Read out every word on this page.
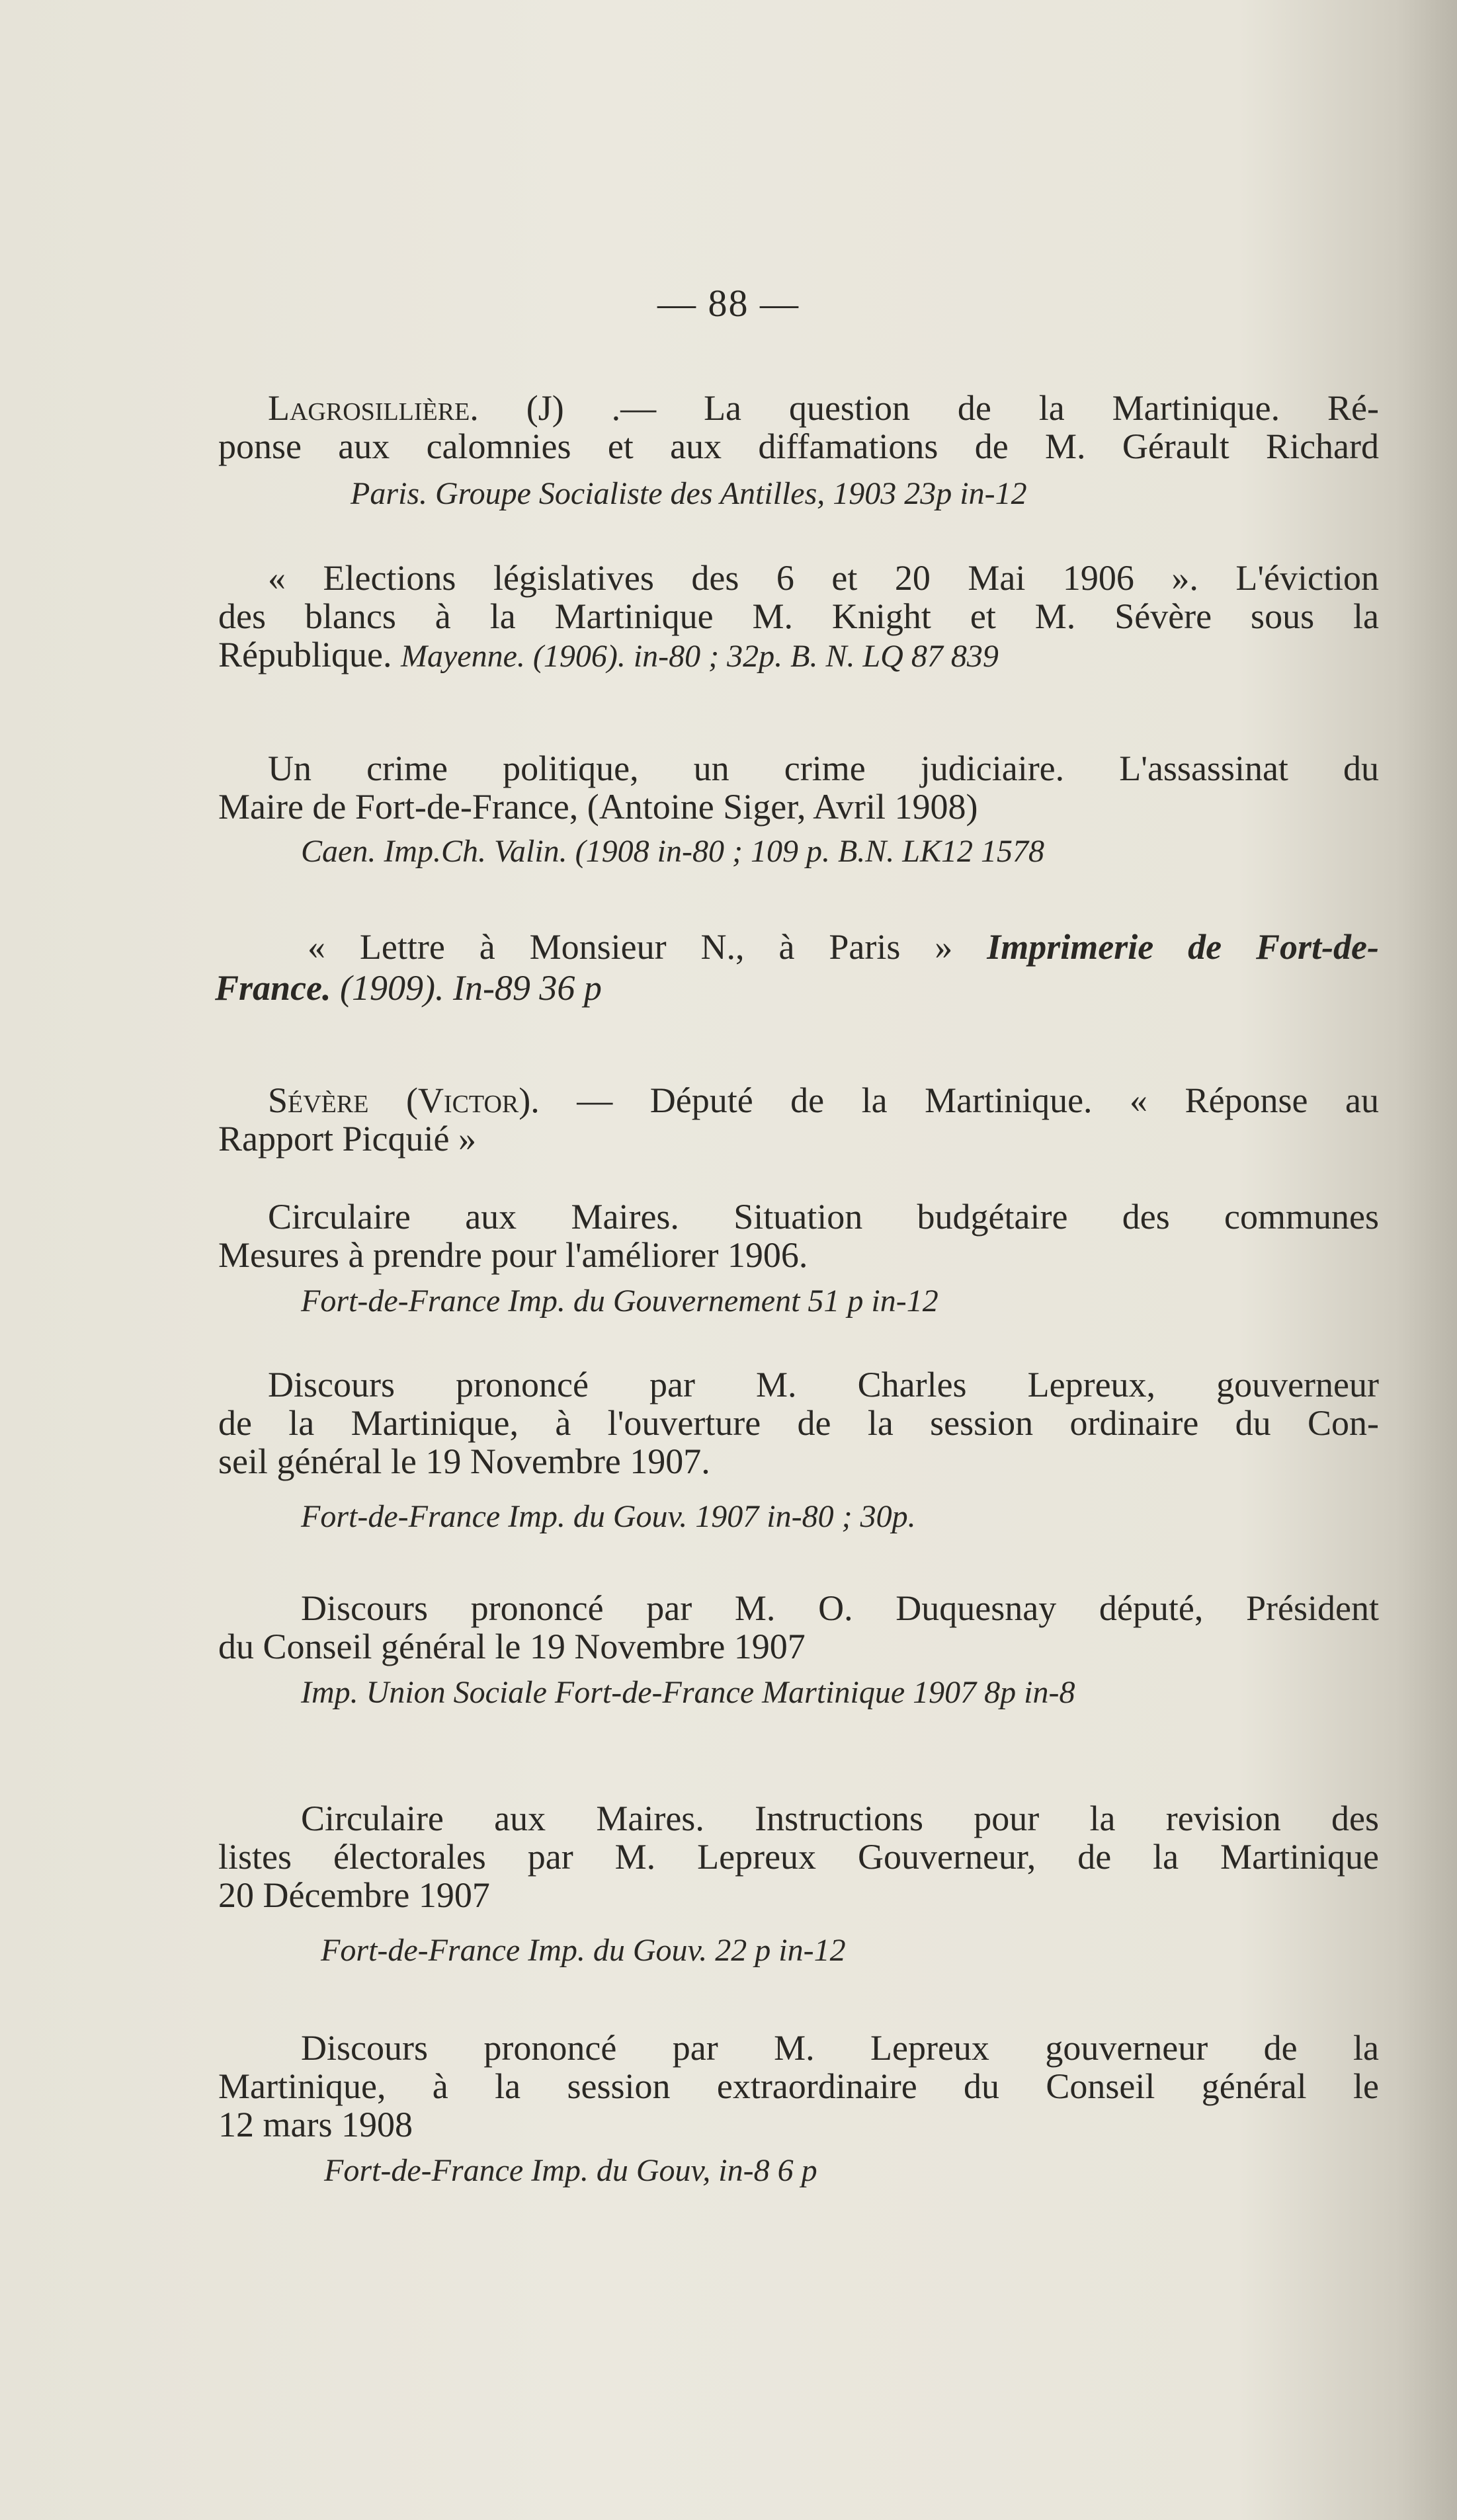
— 88 —
Lagrosillière. (J) .— La question de la Martinique. Ré-
ponse aux calomnies et aux diffamations de M. Gérault Richard
Paris. Groupe Socialiste des Antilles, 1903 23p in-12
« Elections législatives des 6 et 20 Mai 1906 ». L'éviction
des blancs à la Martinique M. Knight et M. Sévère sous la
République. Mayenne. (1906). in-80 ; 32p. B. N. LQ 87 839
Un crime politique, un crime judiciaire. L'assassinat du
Maire de Fort-de-France, (Antoine Siger, Avril 1908)
Caen. Imp.Ch. Valin. (1908 in-80 ; 109 p. B.N. LK12 1578
« Lettre à Monsieur N., à Paris » Imprimerie de Fort-de-
France. (1909). In-89 36 p
Sévère (Victor). — Député de la Martinique. « Réponse au
Rapport Picquié »
Circulaire aux Maires. Situation budgétaire des communes
Mesures à prendre pour l'améliorer 1906.
Fort-de-France Imp. du Gouvernement 51 p in-12
Discours prononcé par M. Charles Lepreux, gouverneur
de la Martinique, à l'ouverture de la session ordinaire du Con-
seil général le 19 Novembre 1907.
Fort-de-France Imp. du Gouv. 1907 in-80 ; 30p.
Discours prononcé par M. O. Duquesnay député, Président
du Conseil général le 19 Novembre 1907
Imp. Union Sociale Fort-de-France Martinique 1907 8p in-8
Circulaire aux Maires. Instructions pour la revision des
listes électorales par M. Lepreux Gouverneur, de la Martinique
20 Décembre 1907
Fort-de-France Imp. du Gouv. 22 p in-12
Discours prononcé par M. Lepreux gouverneur de la
Martinique, à la session extraordinaire du Conseil général le
12 mars 1908
Fort-de-France Imp. du Gouv, in-8 6 p
